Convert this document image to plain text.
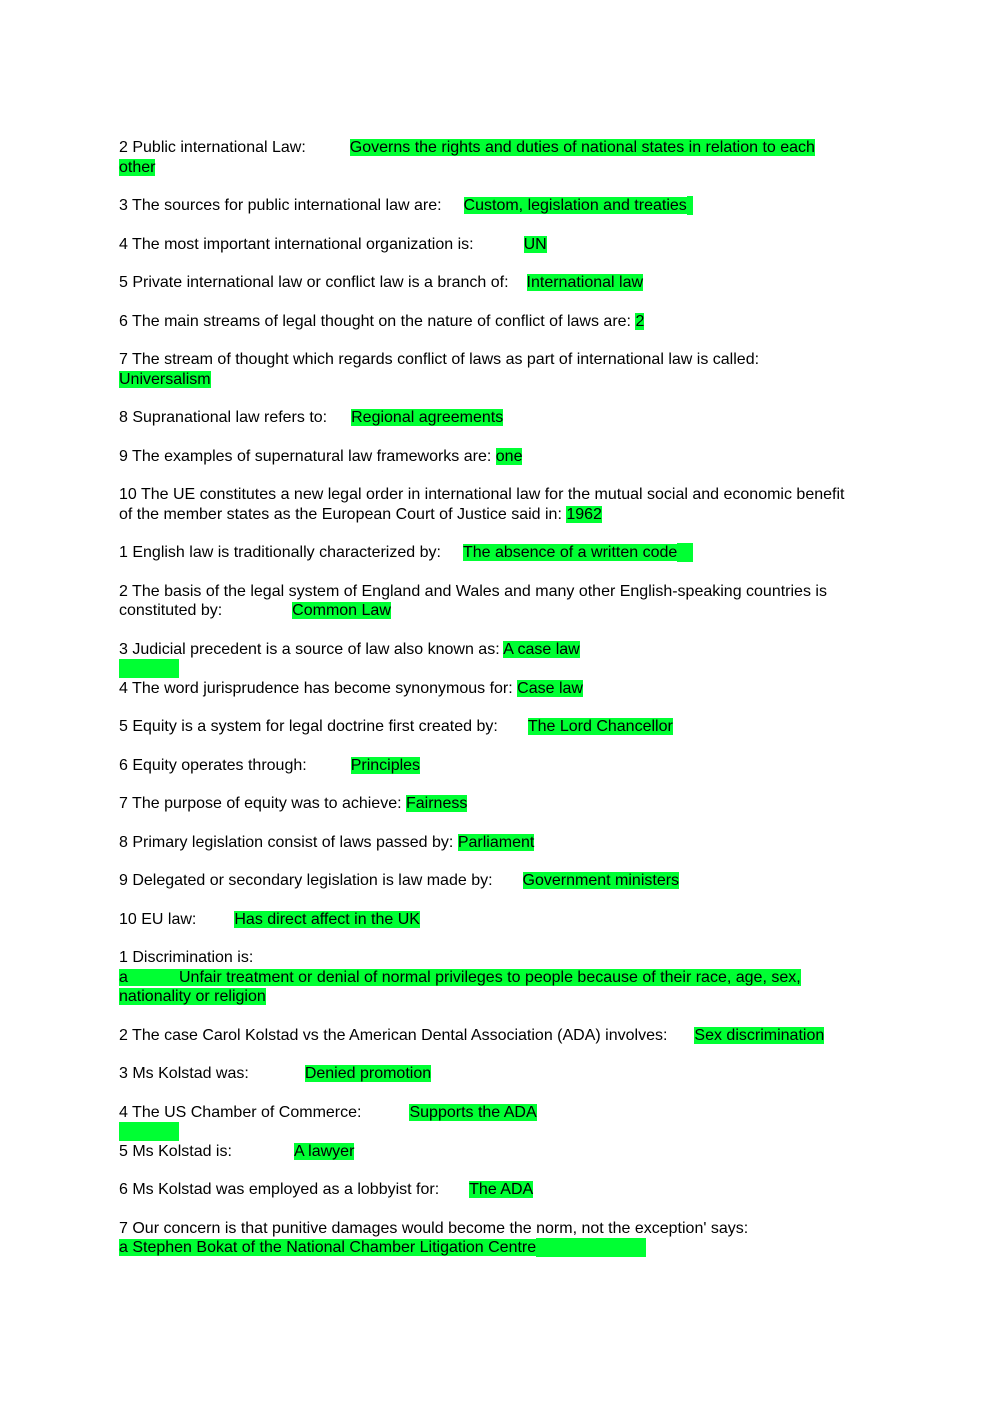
2 Public international Law:	Governs the rights and duties of national states in relation to each
other

3 The sources for public international law are: Custom, legislation and treaties

4 The most important international organization is:	UN

5 Private international law or conflict law is a branch of: International law

6 The main streams of legal thought on the nature of conflict of laws are: 2

7 The stream of thought which regards conflict of laws as part of international law is called:
Universalism

8 Supranational law refers to: Regional agreements

9 The examples of supernatural law frameworks are: one

10 The UE constitutes a new legal order in international law for the mutual social and economic benefit
of the member states as the European Court of Justice said in: 1962

1 English law is traditionally characterized by: The absence of a written code

2 The basis of the legal system of England and Wales and many other English-speaking countries is
constituted by:	Common Law

3 Judicial precedent is a source of law also known as: A case law

4 The word jurisprudence has become synonymous for: Case law

5 Equity is a system for legal doctrine first created by: The Lord Chancellor

6 Equity operates through:	Principles

7 The purpose of equity was to achieve: Fairness

8 Primary legislation consist of laws passed by: Parliament

9 Delegated or secondary legislation is law made by: Government ministers

10 EU law: Has direct affect in the UK

1 Discrimination is:
a	Unfair treatment or denial of normal privileges to people because of their race, age, sex,
nationality or religion

2 The case Carol Kolstad vs the American Dental Association (ADA) involves: Sex discrimination

3 Ms Kolstad was:	Denied promotion

4 The US Chamber of Commerce:	Supports the ADA

5 Ms Kolstad is:	A lawyer

6 Ms Kolstad was employed as a lobbyist for: The ADA

7 Our concern is that punitive damages would become the norm, not the exception' says:
a Stephen Bokat of the National Chamber Litigation Centre
